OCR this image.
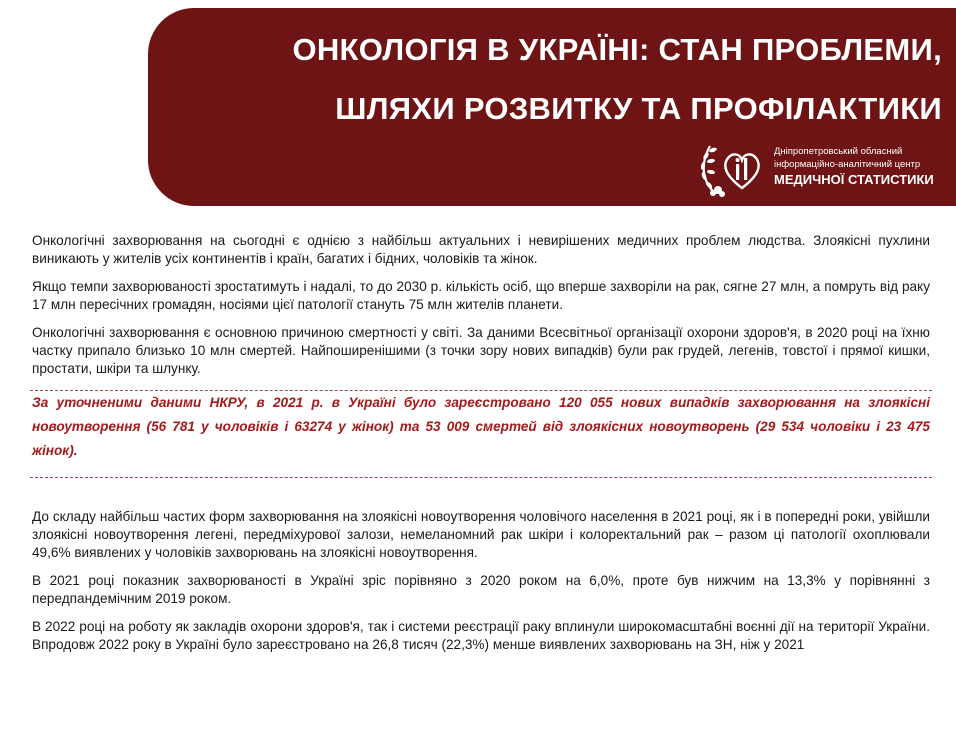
ОНКОЛОГІЯ В УКРАЇНІ: СТАН ПРОБЛЕМИ,
ШЛЯХИ РОЗВИТКУ ТА ПРОФІЛАКТИКИ
Дніпропетровський обласний
інформаційно-аналітичний центр
МЕДИЧНОЇ СТАТИСТИКИ

Онкологічні захворювання на сьогодні є однією з найбільш актуальних і невирішених медичних проблем людства. Злоякісні пухлини виникають у жителів усіх континентів і країн, багатих і бідних, чоловіків та жінок.

Якщо темпи захворюваності зростатимуть і надалі, то до 2030 р. кількість осіб, що вперше захворіли на рак, сягне 27 млн, а помруть від раку 17 млн пересічних громадян, носіями цієї патології стануть 75 млн жителів планети.

Онкологічні захворювання є основною причиною смертності у світі. За даними Всесвітньої організації охорони здоров'я, в 2020 році на їхню частку припало близько 10 млн смертей. Найпоширенішими (з точки зору нових випадків) були рак грудей, легенів, товстої і прямої кишки, простати, шкіри та шлунку.

За уточненими даними НКРУ, в 2021 р. в Україні було зареєстровано 120 055 нових випадків захворювання на злоякісні новоутворення (56 781 у чоловіків і 63274 у жінок) та 53 009 смертей від злоякісних новоутворень (29 534 чоловіки і 23 475 жінок).

До складу найбільш частих форм захворювання на злоякісні новоутворення чоловічого населення в 2021 році, як і в попередні роки, увійшли злоякісні новоутворення легені, передміхурової залози, немеланомний рак шкіри і колоректальний рак – разом ці патології охоплювали 49,6% виявлених у чоловіків захворювань на злоякісні новоутворення.

В 2021 році показник захворюваності в Україні зріс порівняно з 2020 роком на 6,0%, проте був нижчим на 13,3% у порівнянні з передпандемічним 2019 роком.

В 2022 році на роботу як закладів охорони здоров'я, так і системи реєстрації раку вплинули широкомасштабні воєнні дії на території України. Впродовж 2022 року в Україні було зареєстровано на 26,8 тисяч (22,3%) менше виявлених захворювань на ЗН, ніж у 2021
